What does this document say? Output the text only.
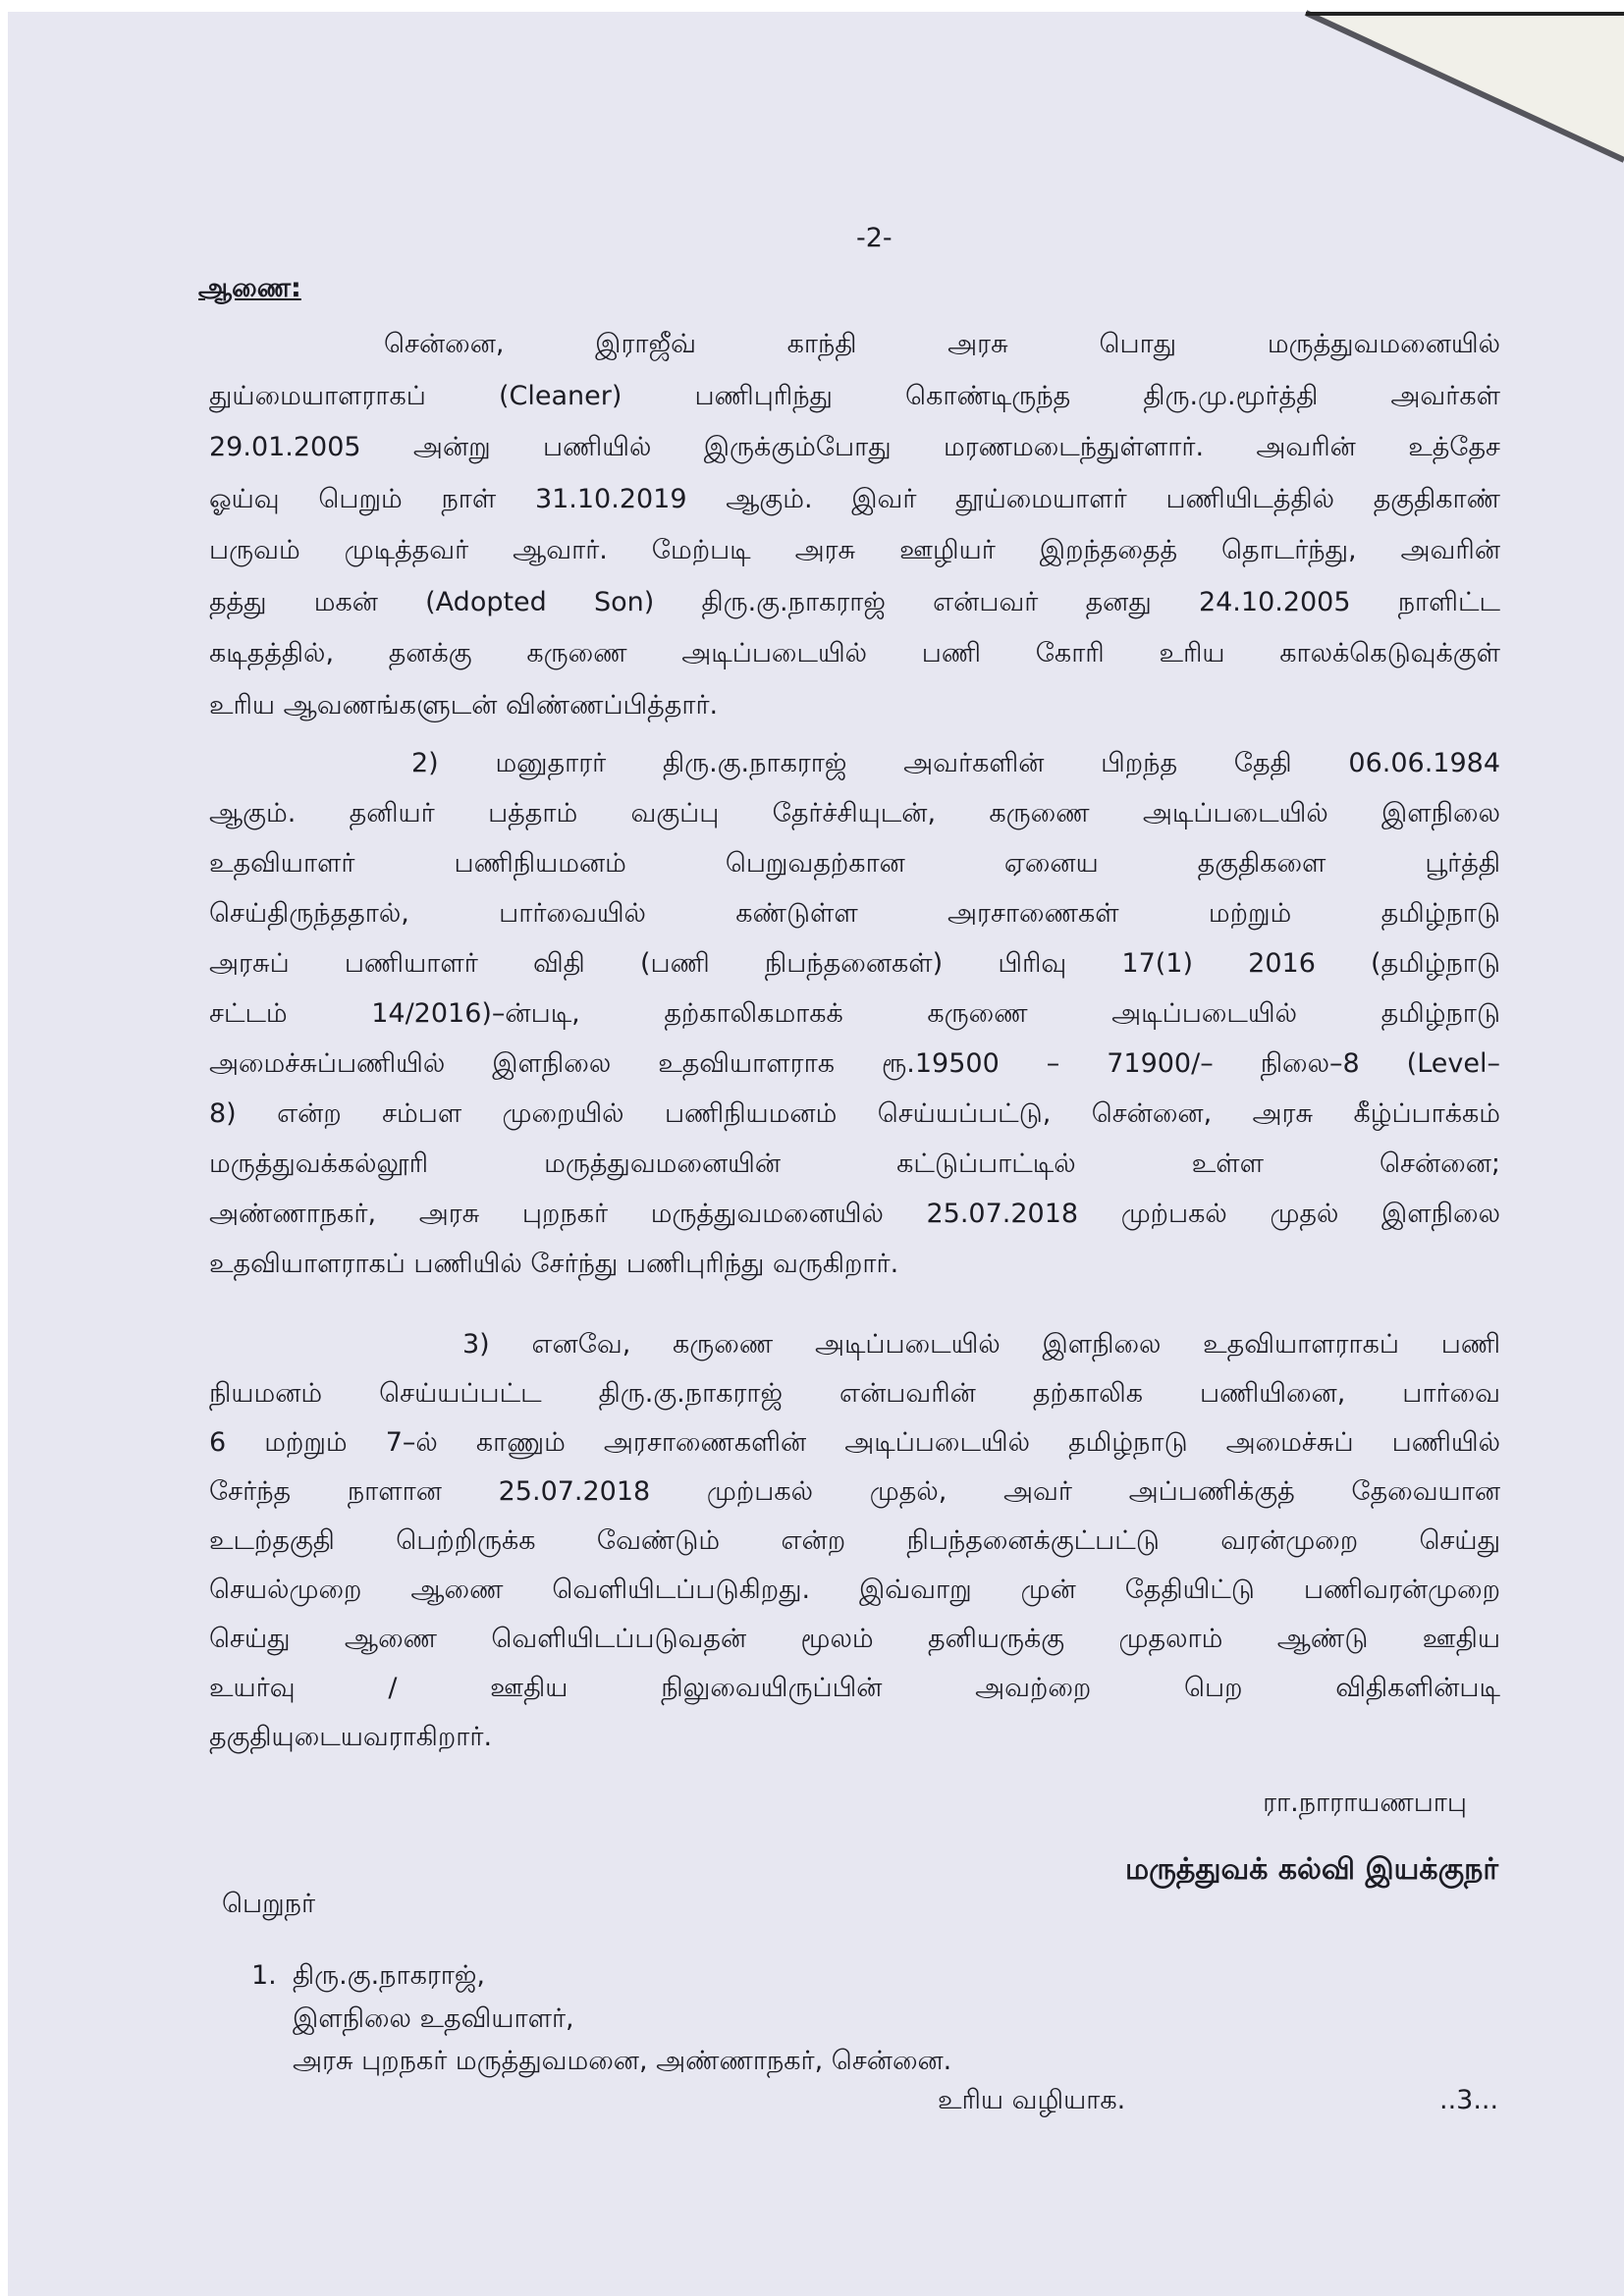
-2-
ஆணை:
சென்னை, இராஜீவ் காந்தி அரசு பொது மருத்துவமனையில்
துய்மையாளராகப் (Cleaner) பணிபுரிந்து கொண்டிருந்த திரு.மு.மூர்த்தி அவர்கள்
29.01.2005 அன்று பணியில் இருக்கும்போது மரணமடைந்துள்ளார். அவரின் உத்தேச
ஓய்வு பெறும் நாள் 31.10.2019 ஆகும். இவர் தூய்மையாளர் பணியிடத்தில் தகுதிகாண்
பருவம் முடித்தவர் ஆவார். மேற்படி அரசு ஊழியர் இறந்ததைத் தொடர்ந்து, அவரின்
தத்து மகன் (Adopted Son) திரு.கு.நாகராஜ் என்பவர் தனது 24.10.2005 நாளிட்ட
கடிதத்தில், தனக்கு கருணை அடிப்படையில் பணி கோரி உரிய காலக்கெடுவுக்குள்
உரிய ஆவணங்களுடன் விண்ணப்பித்தார்.
2) மனுதாரர் திரு.கு.நாகராஜ் அவர்களின் பிறந்த தேதி 06.06.1984
ஆகும். தனியர் பத்தாம் வகுப்பு தேர்ச்சியுடன், கருணை அடிப்படையில் இளநிலை
உதவியாளர் பணிநியமனம் பெறுவதற்கான ஏனைய தகுதிகளை பூர்த்தி
செய்திருந்ததால், பார்வையில் கண்டுள்ள அரசாணைகள் மற்றும் தமிழ்நாடு
அரசுப் பணியாளர் விதி (பணி நிபந்தனைகள்) பிரிவு 17(1) 2016 (தமிழ்நாடு
சட்டம் 14/2016)–ன்படி, தற்காலிகமாகக் கருணை அடிப்படையில் தமிழ்நாடு
அமைச்சுப்பணியில் இளநிலை உதவியாளராக ரூ.19500 – 71900/– நிலை–8 (Level–
8) என்ற சம்பள முறையில் பணிநியமனம் செய்யப்பட்டு, சென்னை, அரசு கீழ்ப்பாக்கம்
மருத்துவக்கல்லூரி மருத்துவமனையின் கட்டுப்பாட்டில் உள்ள சென்னை;
அண்ணாநகர், அரசு புறநகர் மருத்துவமனையில் 25.07.2018 முற்பகல் முதல் இளநிலை
உதவியாளராகப் பணியில் சேர்ந்து பணிபுரிந்து வருகிறார்.
3) எனவே, கருணை அடிப்படையில் இளநிலை உதவியாளராகப் பணி
நியமனம் செய்யப்பட்ட திரு.கு.நாகராஜ் என்பவரின் தற்காலிக பணியினை, பார்வை
6 மற்றும் 7–ல் காணும் அரசாணைகளின் அடிப்படையில் தமிழ்நாடு அமைச்சுப் பணியில்
சேர்ந்த நாளான 25.07.2018 முற்பகல் முதல், அவர் அப்பணிக்குத் தேவையான
உடற்தகுதி பெற்றிருக்க வேண்டும் என்ற நிபந்தனைக்குட்பட்டு வரன்முறை செய்து
செயல்முறை ஆணை வெளியிடப்படுகிறது. இவ்வாறு முன் தேதியிட்டு பணிவரன்முறை
செய்து ஆணை வெளியிடப்படுவதன் மூலம் தனியருக்கு முதலாம் ஆண்டு ஊதிய
உயர்வு / ஊதிய நிலுவையிருப்பின் அவற்றை பெற விதிகளின்படி
தகுதியுடையவராகிறார்.
ரா.நாராயணபாபு
மருத்துவக் கல்வி இயக்குநர்
பெறுநர்
1. திரு.கு.நாகராஜ்,
இளநிலை உதவியாளர்,
அரசு புறநகர் மருத்துவமனை, அண்ணாநகர், சென்னை.
உரிய வழியாக.	..3...
